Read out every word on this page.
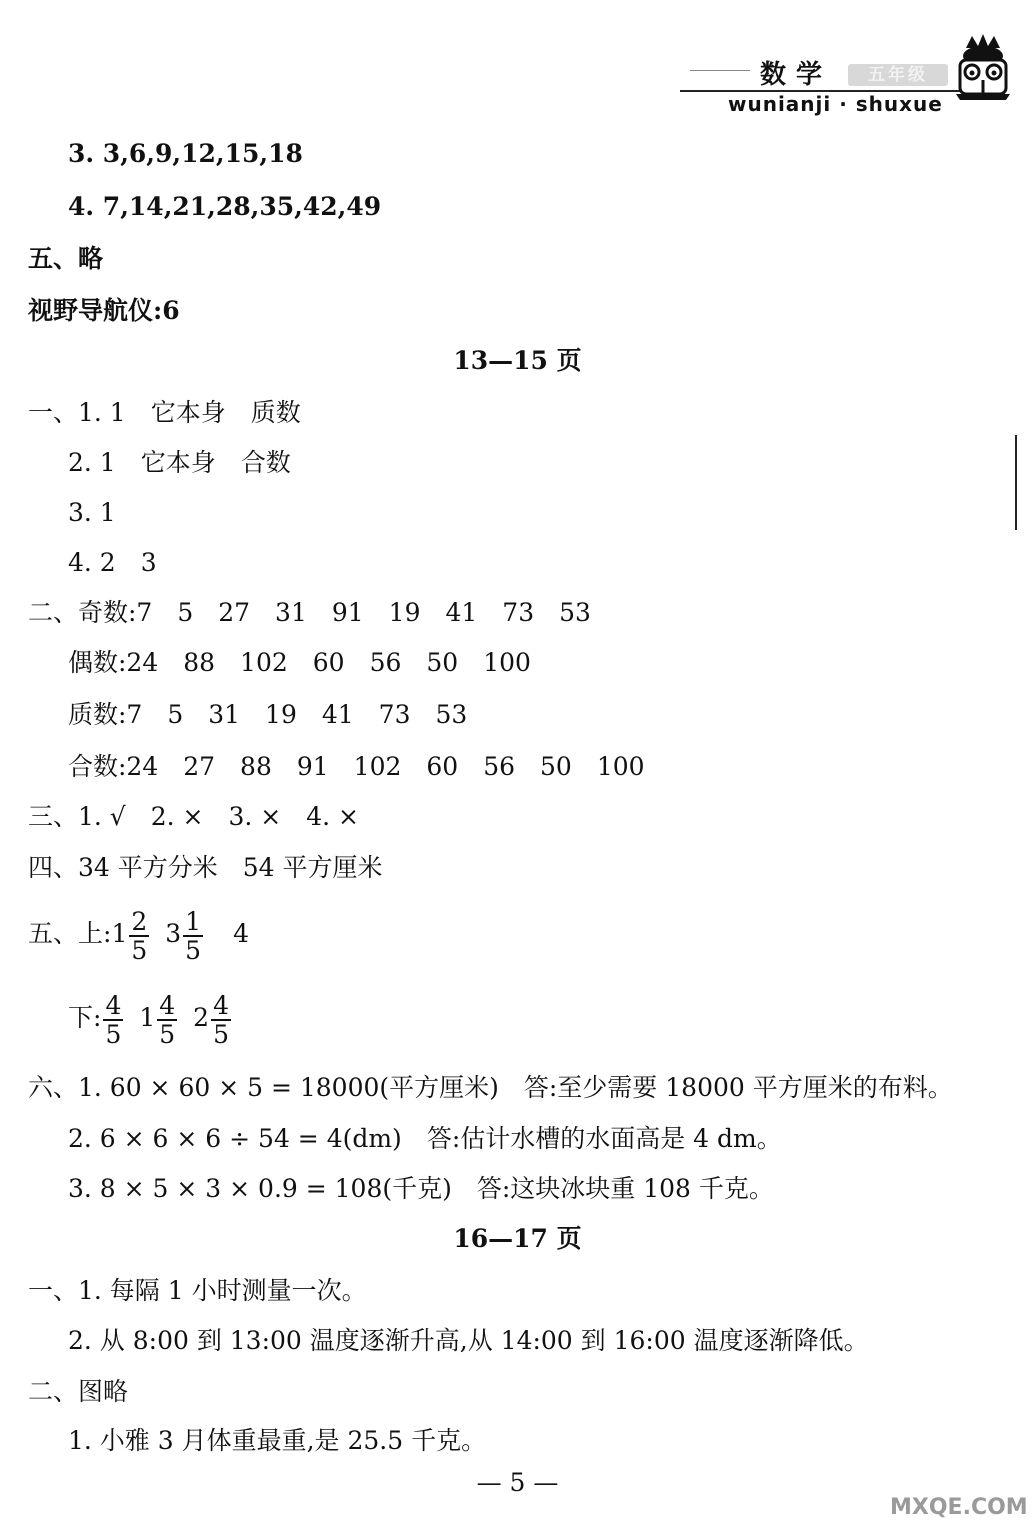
数学	五年级
wunianji · shuxue
3. 3,6,9,12,15,18
4. 7,14,21,28,35,42,49
五、略
视野导航仪:6
13—15 页
一、1. 1　它本身　质数
2. 1　它本身　合数
3. 1
4. 2　3
二、奇数:7　5　27　31　91　19　41　73　53
偶数:24　88　102　60　56　50　100
质数:7　5　31　19　41　73　53
合数:24　27　88　91　102　60　56　50　100
三、1. √　2. ×　3. ×　4. ×
四、34 平方分米　54 平方厘米
五、上:1 $\frac{2}{5} 3 \frac{1}{5} 4$
下: $\frac{4}{5} 1 \frac{4}{5} 2 \frac{4}{5}$
六、1. 60 × 60 × 5 = 18000(平方厘米)　答:至少需要 18000 平方厘米的布料。
2. 6 × 6 × 6 ÷ 54 = 4(dm)　答:估计水槽的水面高是 4 dm。
3. 8 × 5 × 3 × 0.9 = 108(千克)　答:这块冰块重 108 千克。
16—17 页
一、1. 每隔 1 小时测量一次。
2. 从 8:00 到 13:00 温度逐渐升高,从 14:00 到 16:00 温度逐渐降低。
二、图略
1. 小雅 3 月体重最重,是 25.5 千克。
— 5 —
MXQE.COM
